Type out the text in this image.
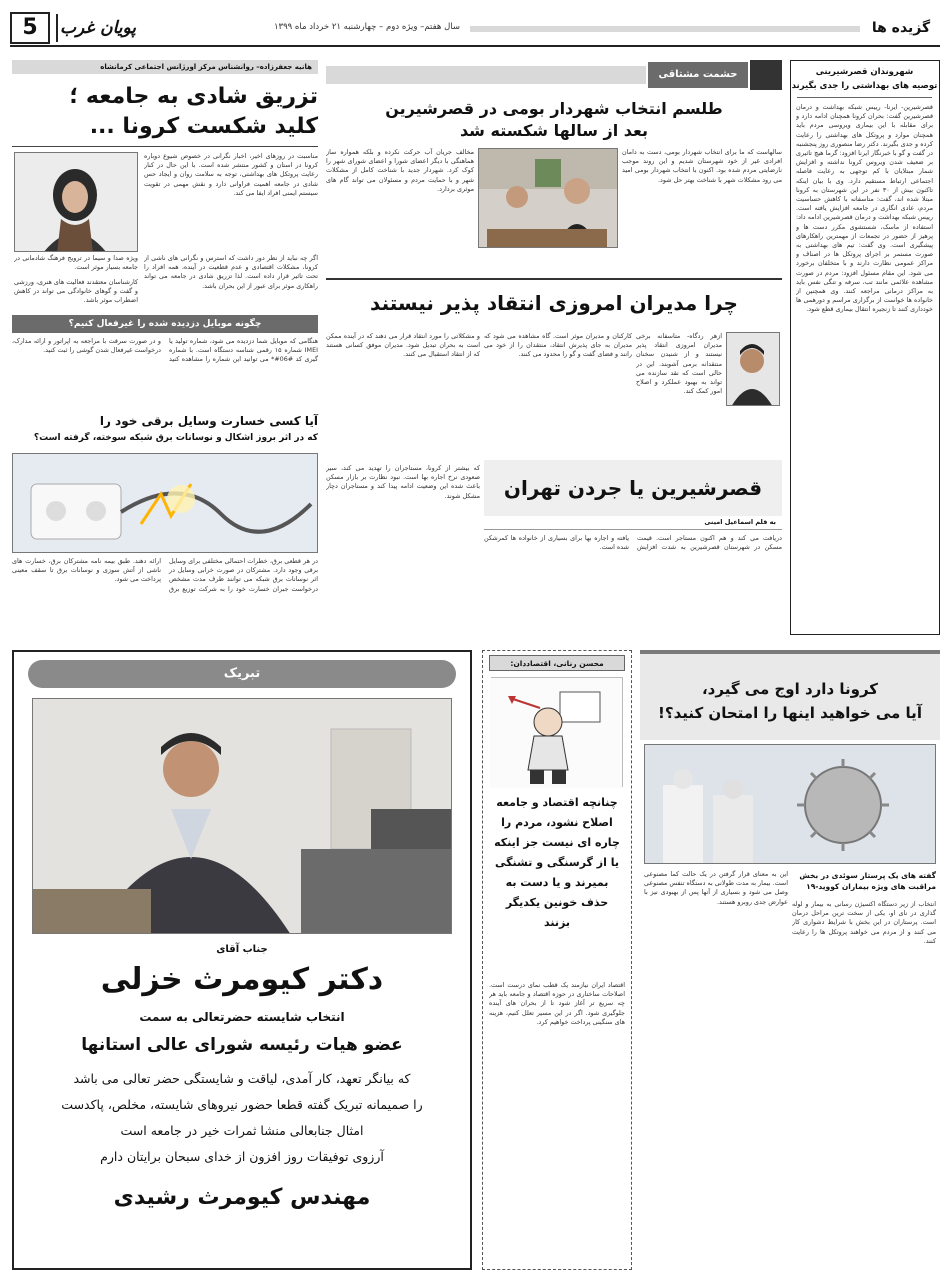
5	پویان غرب	سال هفتم– ویژه دوم – چهارشنبه ۲۱ خرداد ماه ۱۳۹۹	گزیده ها
هانیه جعفرزاده– روانشناس مرکز اورژانس اجتماعی کرمانشاه
تزریق شادی به جامعه ؛
کلید شکست کرونا ...
مناسبت در روزهای اخیر، اخبار نگرانی در خصوص شیوع دوباره کرونا در استان و کشور منتشر شده است. با این حال در کنار رعایت پروتکل های بهداشتی، توجه به سلامت روان و ایجاد حس شادی در جامعه اهمیت فراوانی دارد و نقش مهمی در تقویت سیستم ایمنی افراد ایفا می کند.
ویژه صدا و سیما در ترویج فرهنگ شادمانی در جامعه بسیار موثر است.
اگر چه نباید از نظر دور داشت که استرس و نگرانی های ناشی از کرونا، مشکلات اقتصادی و عدم قطعیت در آینده، همه افراد را تحت تاثیر قرار داده است. لذا تزریق شادی در جامعه می تواند راهکاری موثر برای عبور از این بحران باشد.
کارشناسان معتقدند فعالیت های هنری، ورزشی و گفت و گوهای خانوادگی می تواند در کاهش اضطراب موثر باشد.
چگونه موبایل دزدیده شده را غیرفعال کنیم؟
هنگامی که موبایل شما دزدیده می شود، شماره تولید یا IMEI شماره ۱۵ رقمی شناسه دستگاه است. با شماره گیری کد #06#* می توانید این شماره را مشاهده کنید و در صورت سرقت با مراجعه به اپراتور و ارائه مدارک، درخواست غیرفعال شدن گوشی را ثبت کنید.
آیا کسی خسارت وسایل برقی خود را
که در اثر بروز اشکال و نوسانات برق شبکه سوخته، گرفته است؟
در هر قطعی برق، خطرات احتمالی مختلفی برای وسایل برقی وجود دارد. مشترکان در صورت خرابی وسایل در اثر نوسانات برق شبکه می توانند ظرف مدت مشخص درخواست جبران خسارت خود را به شرکت توزیع برق ارائه دهند. طبق بیمه نامه مشترکان برق، خسارت های ناشی از آتش سوزی و نوسانات برق تا سقف معینی پرداخت می شود.
شهروندان قصرشیرینی
توصیه های بهداشتی را جدی بگیرند
قصرشیرین- ایرنا- رییس شبکه بهداشت و درمان قصرشیرین گفت: بحران کرونا همچنان ادامه دارد و برای مقابله با این بیماری ویروسی مردم باید همچنان موارد و پروتکل های بهداشتی را رعایت کرده و جدی بگیرند. دکتر رضا منصوری روز پنجشنبه در گفت و گو با خبرنگار ایرنا افزود: گرما هیچ تاثیری بر ضعیف شدن ویروس کرونا نداشته و افزایش شمار مبتلایان با کم توجهی به رعایت فاصله اجتماعی ارتباط مستقیم دارد. وی با بیان اینکه تاکنون بیش از ۳۰ نفر در این شهرستان به کرونا مبتلا شده اند، گفت: متاسفانه با کاهش حساسیت مردم، عادی انگاری در جامعه افزایش یافته است. رییس شبکه بهداشت و درمان قصرشیرین ادامه داد: استفاده از ماسک، شستشوی مکرر دست ها و پرهیز از حضور در تجمعات از مهمترین راهکارهای پیشگیری است. وی گفت: تیم های بهداشتی به صورت مستمر بر اجرای پروتکل ها در اصناف و مراکز عمومی نظارت دارند و با متخلفان برخورد می شود. این مقام مسئول افزود: مردم در صورت مشاهده علائمی مانند تب، سرفه و تنگی نفس باید به مراکز درمانی مراجعه کنند. وی همچنین از خانواده ها خواست از برگزاری مراسم و دورهمی ها خودداری کنند تا زنجیره انتقال بیماری قطع شود.
حشمت مشتاقی
طلسم انتخاب شهردار بومی در قصرشیرین
بعد از سالها شکسته شد
سالهاست که ما برای انتخاب شهردار بومی، دست به دامان افرادی غیر از خود شهرستان شدیم و این روند موجب نارضایتی مردم شده بود. اکنون با انتخاب شهردار بومی امید می رود مشکلات شهر با شناخت بهتر حل شود.
مخالف جریان آب حرکت نکرده و بلکه همواره ساز هماهنگی با دیگر اعضای شورا و اعضای شورای شهر را کوک کرد. شهردار جدید با شناخت کامل از مشکلات شهر و با حمایت مردم و مسئولان می تواند گام های موثری بردارد.
چرا مدیران امروزی انتقاد پذیر نیستند
ازهر ردگاه- متاسفانه برخی مدیران امروزی انتقاد پذیر نیستند و از شنیدن سخنان منتقدانه برمی آشوبند. این در حالی است که نقد سازنده می تواند به بهبود عملکرد و اصلاح امور کمک کند.
کارکنان و مدیران موثر است. گاه مشاهده می شود که مدیران به جای پذیرش انتقاد، منتقدان را از خود می رانند و فضای گفت و گو را محدود می کنند.
و مشکلاتی را مورد انتقاد قرار می دهند که در آینده ممکن است به بحران تبدیل شود. مدیران موفق کسانی هستند که از انتقاد استقبال می کنند.
قصرشیرین یا جردن تهران
به قلم اسماعیل امینی
دریافت می کند و هم اکنون مستاجر است. قیمت مسکن در شهرستان قصرشیرین به شدت افزایش یافته و اجاره بها برای بسیاری از خانواده ها کمرشکن شده است.
که بیشتر از کرونا، مستاجران را تهدید می کند، سیر صعودی نرخ اجاره بها است. نبود نظارت بر بازار مسکن باعث شده این وضعیت ادامه پیدا کند و مستاجران دچار مشکل شوند.
تبریک
جناب آقای
دکتر کیومرث خزلی
انتخاب شایسته حضرتعالی به سمت
عضو هیات رئیسه شورای عالی استانها
که بیانگر تعهد، کار آمدی، لیاقت و شایستگی حضر تعالی می باشد
را صمیمانه تبریک گفته قطعا حضور نیروهای شایسته، مخلص، پاکدست
امثال جنابعالی منشا ثمرات خیر در جامعه است
آرزوی توفیقات روز افزون از خدای سبحان برایتان دارم
مهندس کیومرث رشیدی
محسن رنانی، اقتصاددان:
چنانچه اقتصاد و جامعه اصلاح نشود، مردم را چاره ای نیست جز اینکه یا از گرسنگی و تشنگی بمیرند و یا دست به حذف خونین یکدیگر بزنند
اقتصاد ایران نیازمند یک قطب نمای درست است. اصلاحات ساختاری در حوزه اقتصاد و جامعه باید هر چه سریع تر آغاز شود تا از بحران های آینده جلوگیری شود. اگر در این مسیر تعلل کنیم، هزینه های سنگینی پرداخت خواهیم کرد.
کرونا دارد اوج می گیرد،
آیا می خواهید اینها را امتحان کنید؟!
این به معنای قرار گرفتن در یک حالت کما مصنوعی است. بیمار به مدت طولانی به دستگاه تنفس مصنوعی وصل می شود و بسیاری از آنها پس از بهبودی نیز با عوارض جدی روبرو هستند.
گفته های یک پرستار سوئدی در بخش مراقبت های ویژه بیماران کووید-۱۹
انتخاب از زیر دستگاه اکسیژن رسانی به بیمار و لوله گذاری در نای او، یکی از سخت ترین مراحل درمان است. پرستاران در این بخش با شرایط دشواری کار می کنند و از مردم می خواهند پروتکل ها را رعایت کنند.
